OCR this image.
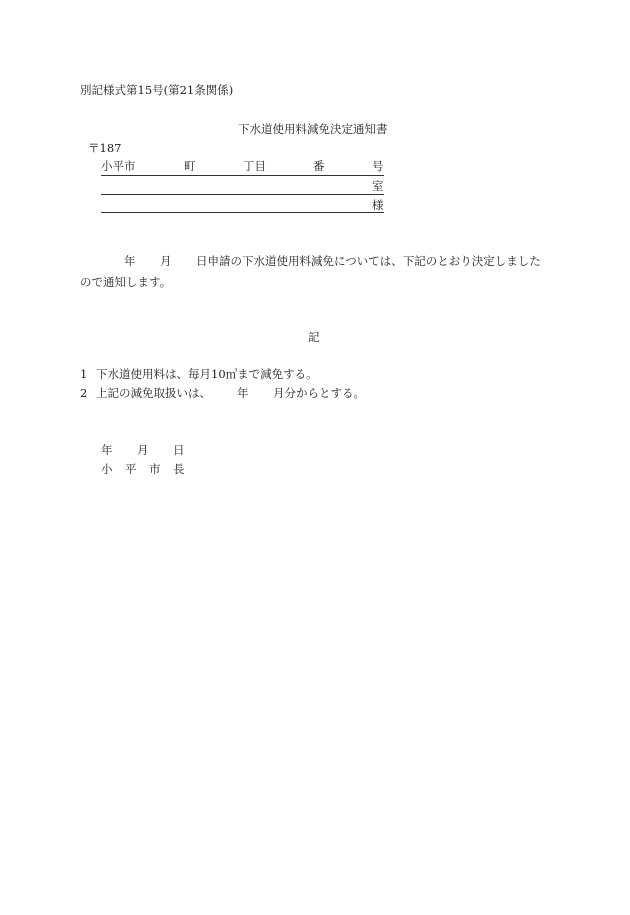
別記様式第15号(第21条関係)
下水道使用料減免決定通知書
〒187
小平市	町	丁目	番	号
室
様
年 月 日申請の下水道使用料減免については、下記のとおり決定しました
ので通知します。
記
1 下水道使用料は、毎月10㎥まで減免する。
2 上記の減免取扱いは、 年 月分からとする。
年 月 日
小 平 市 長
